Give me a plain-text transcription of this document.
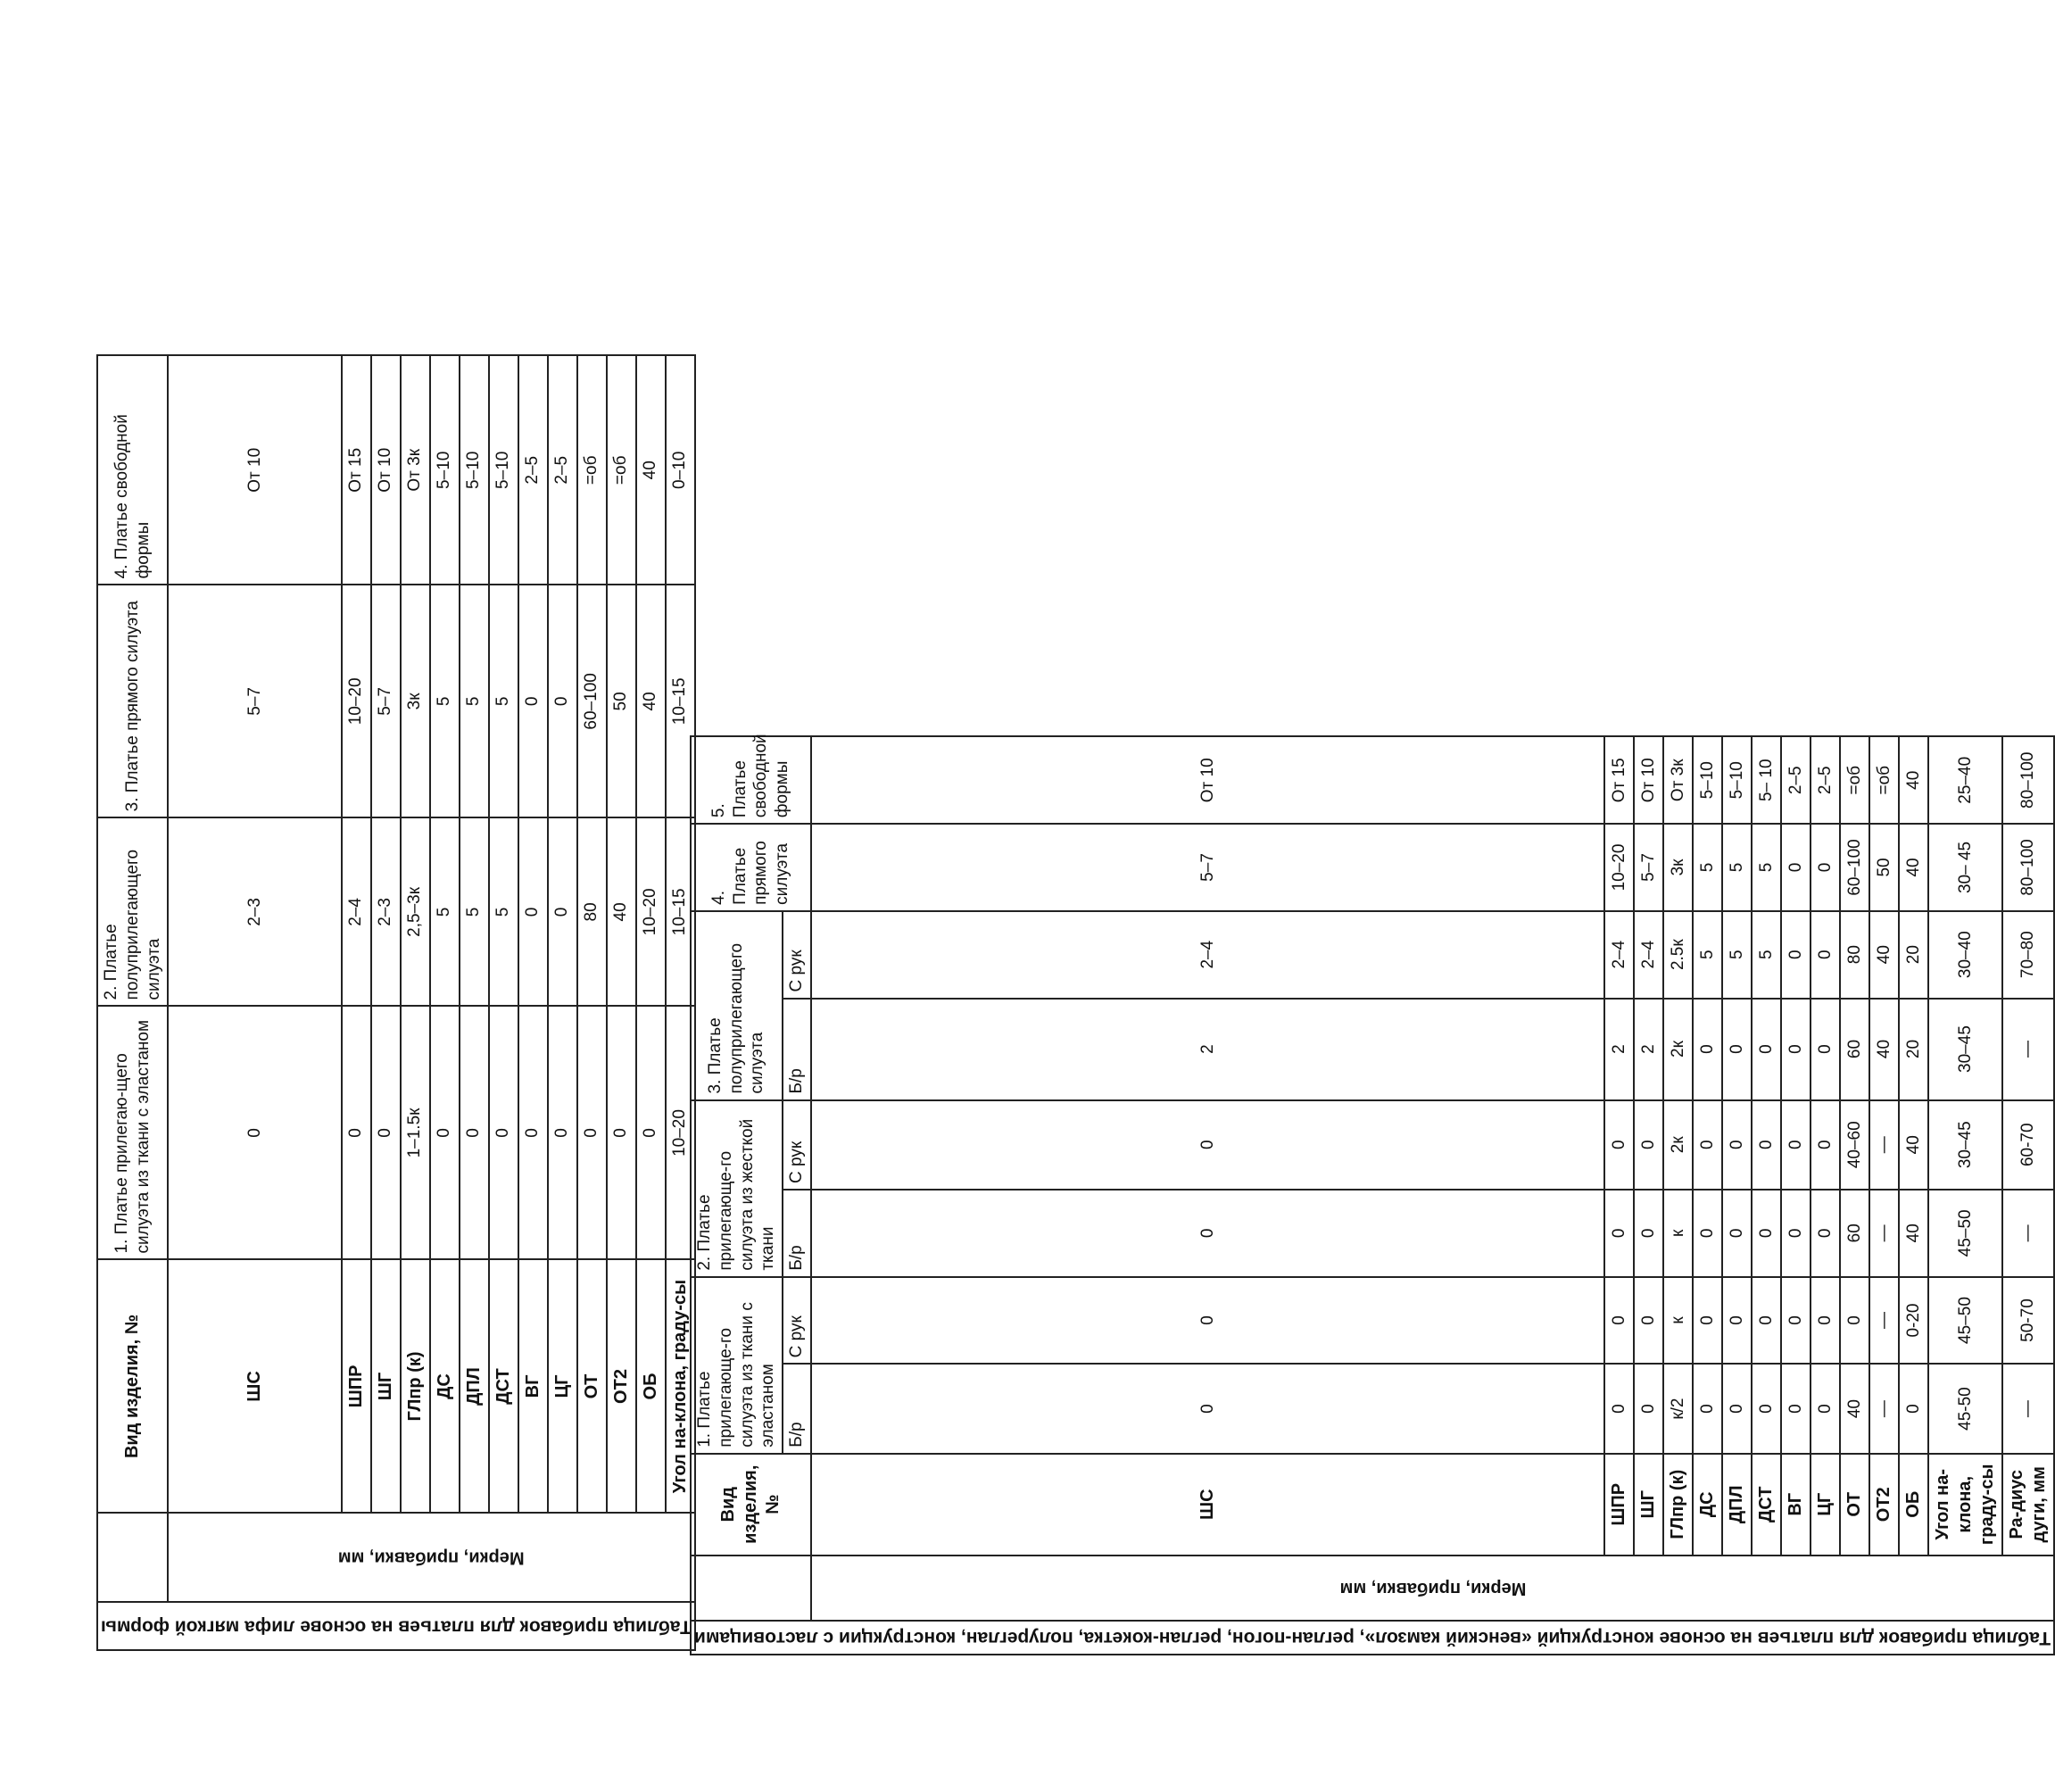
Таблица прибавок для платьев на основе лифа мягкой формы		Вид изделия, №	1. Платье прилегаю-щего силуэта из ткани с эластаном	2. Платье полуприлегающего силуэта	3. Платье прямого силуэта	4. Платье свободной формы
	Мерки, прибавки, мм	ШС	0	2–3	5–7	От 10
		ШПР	0	2–4	10–20	От 15
		ШГ	0	2–3	5–7	От 10
		ГЛпр (к)	1–1.5к	2,5–3к	3к	От 3к
		ДС	0	5	5	5–10
		ДПЛ	0	5	5	5–10
		ДСТ	0	5	5	5–10
		ВГ	0	0	0	2–5
		ЦГ	0	0	0	2–5
		ОТ	0	80	60–100	=об
		ОТ2	0	40	50	=об
		ОБ	0	10–20	40	40
		Угол на-клона, граду-сы	10–20	10–15	10–15	0–10
Таблица прибавок для платьев на основе конструкций «венский камзол», реглан-погон, реглан-кокетка, полуреглан, конструкции с ластовицами		Вид изделия, №	1. Платье прилегающе-го силуэта из ткани с эластаном		2. Платье прилегающе-го силуэта из жесткой ткани		3. Платье полуприлегающего силуэта		4. Платье прямого силуэта	5. Платье свободной формы
			Б/р	С рук	Б/р	С рук	Б/р	С рук		
	Мерки, прибавки, мм	ШС	0	0	0	0	2	2–4	5–7	От 10
		ШПР	0	0	0	0	2	2–4	10–20	От 15
		ШГ	0	0	0	0	2	2–4	5–7	От 10
		ГЛпр (к)	к/2	к	к	2к	2к	2.5к	3к	От 3к
		ДС	0	0	0	0	0	5	5	5–10
		ДПЛ	0	0	0	0	0	5	5	5–10
		ДСТ	0	0	0	0	0	5	5	5– 10
		ВГ	0	0	0	0	0	0	0	2–5
		ЦГ	0	0	0	0	0	0	0	2–5
		ОТ	40	0	60	40–60	60	80	60–100	=об
		ОТ2	—	—	—	—	40	40	50	=об
		ОБ	0	0-20	40	40	20	20	40	40
		Угол на-клона, граду-сы	45-50	45–50	45–50	30–45	30–45	30–40	30– 45	25–40
		Ра-диус дуги, мм	—	50-70	—	60-70	—	70–80	80–100	80–100
